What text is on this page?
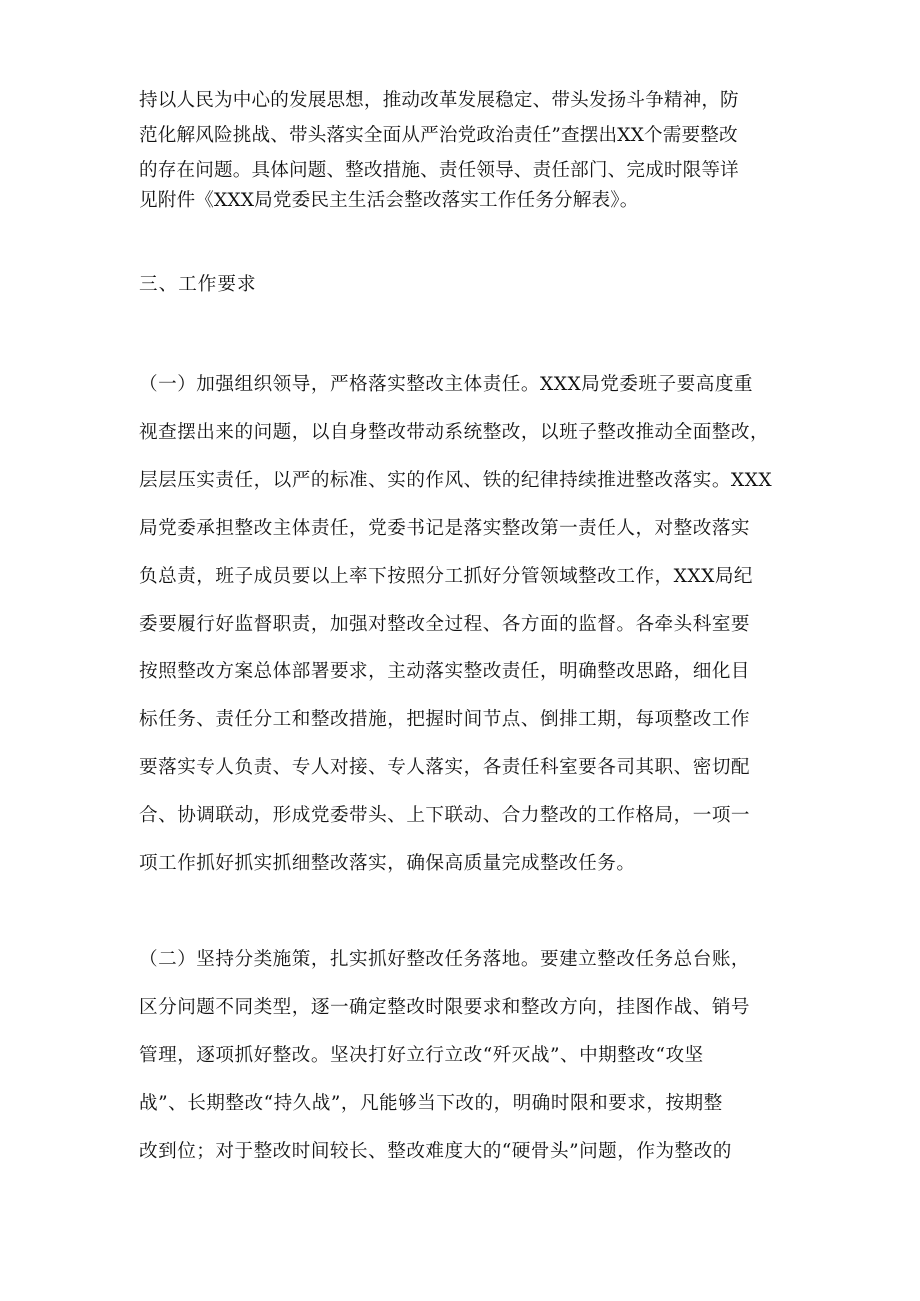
持以人民为中心的发展思想，推动改革发展稳定、带头发扬斗争精神，防
范化解风险挑战、带头落实全面从严治党政治责任”查摆出XX个需要整改
的存在问题。具体问题、整改措施、责任领导、责任部门、完成时限等详
见附件《XXX局党委民主生活会整改落实工作任务分解表》。
三、工作要求
（一）加强组织领导，严格落实整改主体责任。XXX局党委班子要高度重
视查摆出来的问题，以自身整改带动系统整改，以班子整改推动全面整改，
层层压实责任，以严的标准、实的作风、铁的纪律持续推进整改落实。XXX
局党委承担整改主体责任，党委书记是落实整改第一责任人，对整改落实
负总责，班子成员要以上率下按照分工抓好分管领域整改工作，XXX局纪
委要履行好监督职责，加强对整改全过程、各方面的监督。各牵头科室要
按照整改方案总体部署要求，主动落实整改责任，明确整改思路，细化目
标任务、责任分工和整改措施，把握时间节点、倒排工期，每项整改工作
要落实专人负责、专人对接、专人落实，各责任科室要各司其职、密切配
合、协调联动，形成党委带头、上下联动、合力整改的工作格局，一项一
项工作抓好抓实抓细整改落实，确保高质量完成整改任务。
（二）坚持分类施策，扎实抓好整改任务落地。要建立整改任务总台账，
区分问题不同类型，逐一确定整改时限要求和整改方向，挂图作战、销号
管理，逐项抓好整改。坚决打好立行立改“歼灭战”、中期整改“攻坚
战”、长期整改“持久战”，凡能够当下改的，明确时限和要求，按期整
改到位；对于整改时间较长、整改难度大的“硬骨头”问题，作为整改的
